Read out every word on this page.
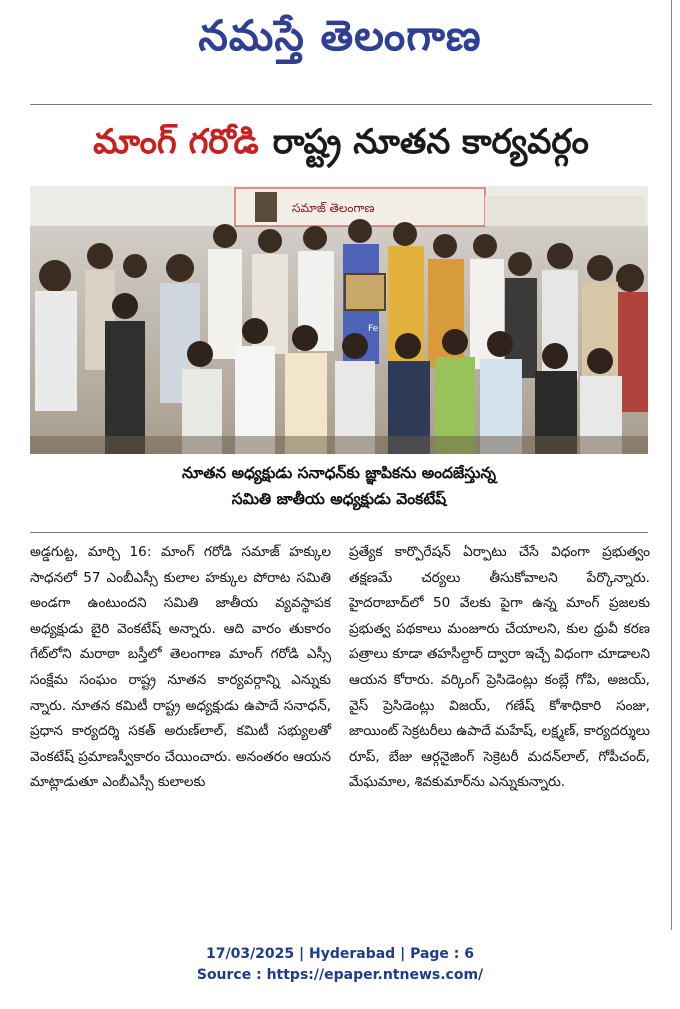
నమస్తే తెలంగాణ
మాంగ్ గరోడి రాష్ట్ర నూతన కార్యవర్గం
సమాజ్ తెలంగాణ
Fe
నూతన అధ్యక్షుడు సనాధన్‌కు జ్ఞాపికను అందజేస్తున్న
సమితి జాతీయ అధ్యక్షుడు వెంకటేష్

అడ్డగుట్ట, మార్చి 16: మాంగ్ గరోడి సమాజ్ హక్కుల సాధనలో 57 ఎంబీఎస్సీ కులాల హక్కుల పోరాట సమితి అండగా ఉంటుందని సమితి జాతీయ వ్యవస్థాపక అధ్యక్షుడు బైరి వెంకటేష్ అన్నారు. ఆది వారం తుకారం గేట్‌లోని మరాఠా బస్తీలో తెలంగాణ మాంగ్ గరోడి ఎస్సీ సంక్షేమ సంఘం రాష్ట్ర నూతన కార్యవర్గాన్ని ఎన్నుకు న్నారు. నూతన కమిటీ రాష్ట్ర అధ్యక్షుడు ఉపాదే సనాధన్, ప్రధాన కార్యదర్శి సకత్ అరుణ్‌లాల్, కమిటీ సభ్యులతో వెంకటేష్ ప్రమాణస్వీకారం చేయించారు. అనంతరం ఆయన మాట్లాడుతూ ఎంబీఎస్సీ కులాలకు

ప్రత్యేక కార్పొరేషన్ ఏర్పాటు చేసే విధంగా ప్రభుత్వం తక్షణమే చర్యలు తీసుకోవాలని పేర్కొన్నారు. హైదరాబాద్‌లో 50 వేలకు పైగా ఉన్న మాంగ్ ప్రజలకు ప్రభుత్వ పథకాలు మంజూరు చేయాలని, కుల ధ్రువీ కరణ పత్రాలు కూడా తహసీల్దార్ ద్వారా ఇచ్చే విధంగా చూడాలని ఆయన కోరారు. వర్కింగ్ ప్రెసిడెంట్లు కంబ్లే గోపి, అజయ్, వైస్ ప్రెసిడెంట్లు విజయ్, గణేష్ కోశాధికారి సంజు, జాయింట్ సెక్రటరీలు ఉపాదే మహేష్, లక్ష్మణ్, కార్యదర్శులు రూప్, బేజు ఆర్గనైజింగ్ సెక్రెటరీ మదన్‌లాల్, గోపీచంద్, మేఘమాల, శివకుమార్‌ను ఎన్నుకున్నారు.

17/03/2025 | Hyderabad | Page : 6
Source : https://epaper.ntnews.com/
